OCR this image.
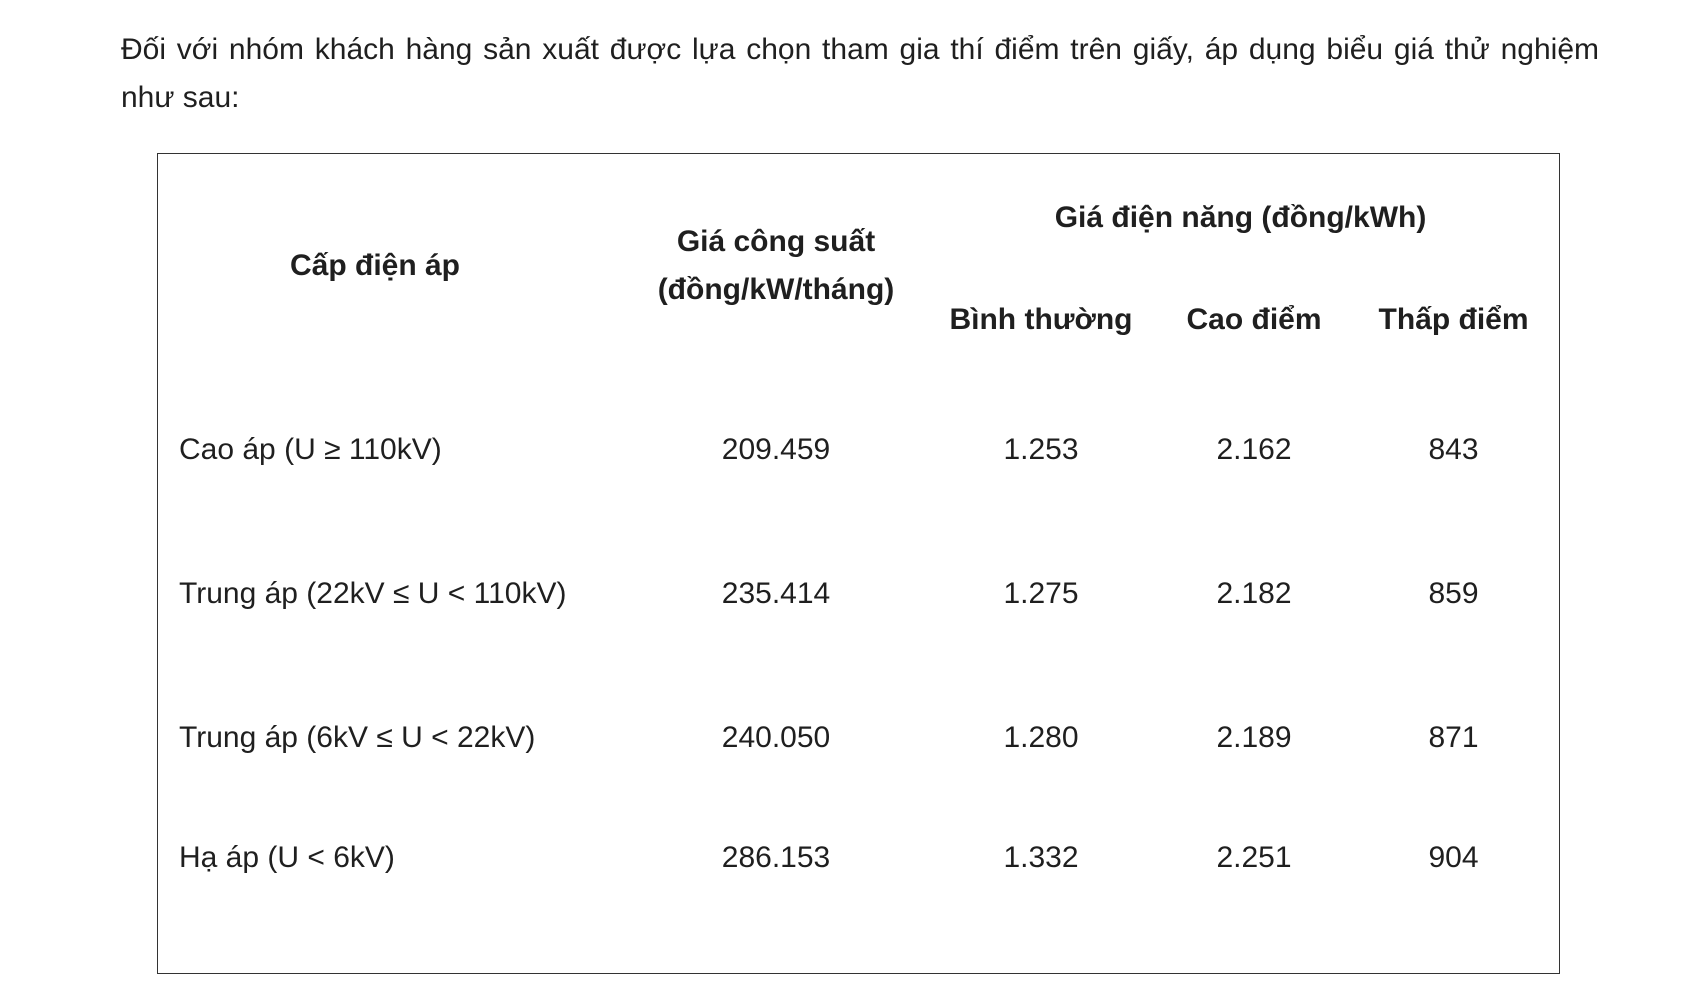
Đối với nhóm khách hàng sản xuất được lựa chọn tham gia thí điểm trên giấy, áp dụng biểu giá thử nghiệm như sau:

Cấp điện áp	Giá công suất (đồng/kW/tháng)	Giá điện năng (đồng/kWh)		
		Bình thường	Cao điểm	Thấp điểm
Cao áp (U ≥ 110kV)	209.459	1.253	2.162	843
Trung áp (22kV ≤ U < 110kV)	235.414	1.275	2.182	859
Trung áp (6kV ≤ U < 22kV)	240.050	1.280	2.189	871
Hạ áp (U < 6kV)	286.153	1.332	2.251	904
